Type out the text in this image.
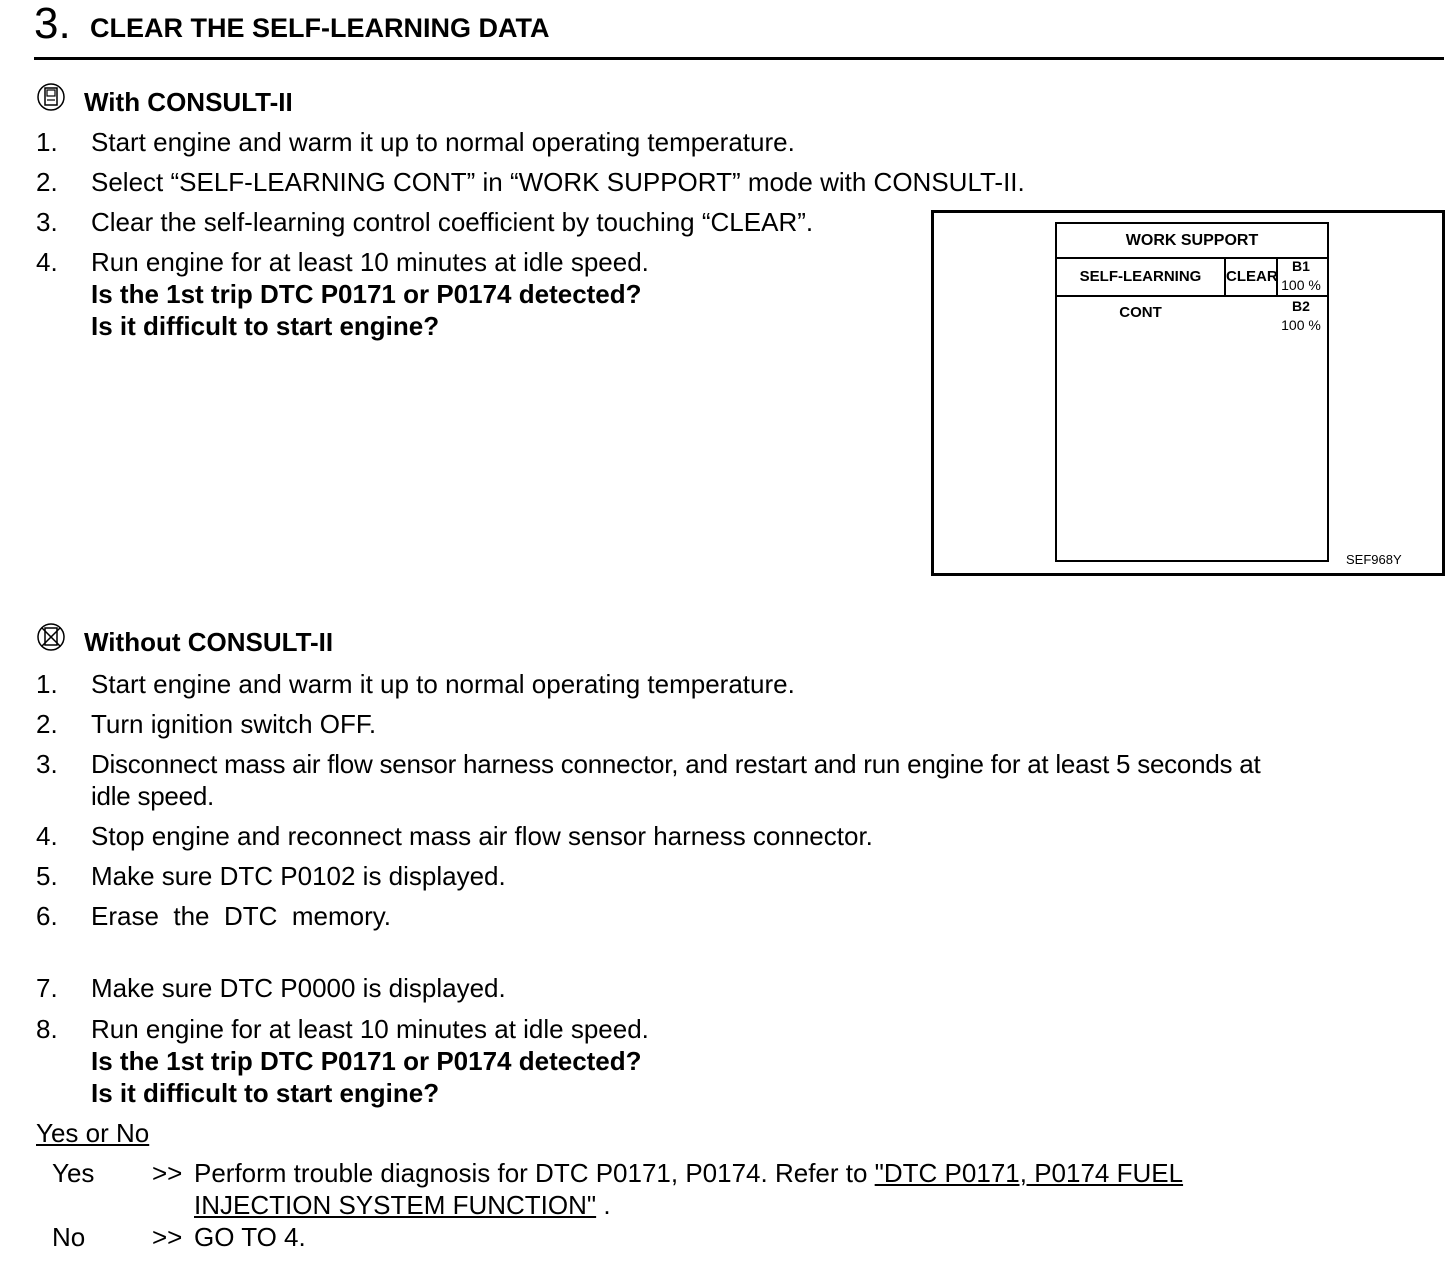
3. CLEAR THE SELF-LEARNING DATA
With CONSULT-II
1. Start engine and warm it up to normal operating temperature.
2. Select “SELF-LEARNING CONT” in “WORK SUPPORT” mode with CONSULT-II.
3. Clear the self-learning control coefficient by touching “CLEAR”.
4. Run engine for at least 10 minutes at idle speed.
Is the 1st trip DTC P0171 or P0174 detected?
Is it difficult to start engine?
WORK SUPPORT
SELF-LEARNING CONT
CLEAR
B1
100 %
B2
100 %
SEF968Y
Without CONSULT-II
1. Start engine and warm it up to normal operating temperature.
2. Turn ignition switch OFF.
3. Disconnect mass air flow sensor harness connector, and restart and run engine for at least 5 seconds at
idle speed.
4. Stop engine and reconnect mass air flow sensor harness connector.
5. Make sure DTC P0102 is displayed.
6. Erase  the  DTC  memory.
7. Make sure DTC P0000 is displayed.
8. Run engine for at least 10 minutes at idle speed.
Is the 1st trip DTC P0171 or P0174 detected?
Is it difficult to start engine?
Yes or No
Yes >> Perform trouble diagnosis for DTC P0171, P0174. Refer to "DTC P0171, P0174 FUEL
INJECTION SYSTEM FUNCTION" .
No	>> GO TO 4.
